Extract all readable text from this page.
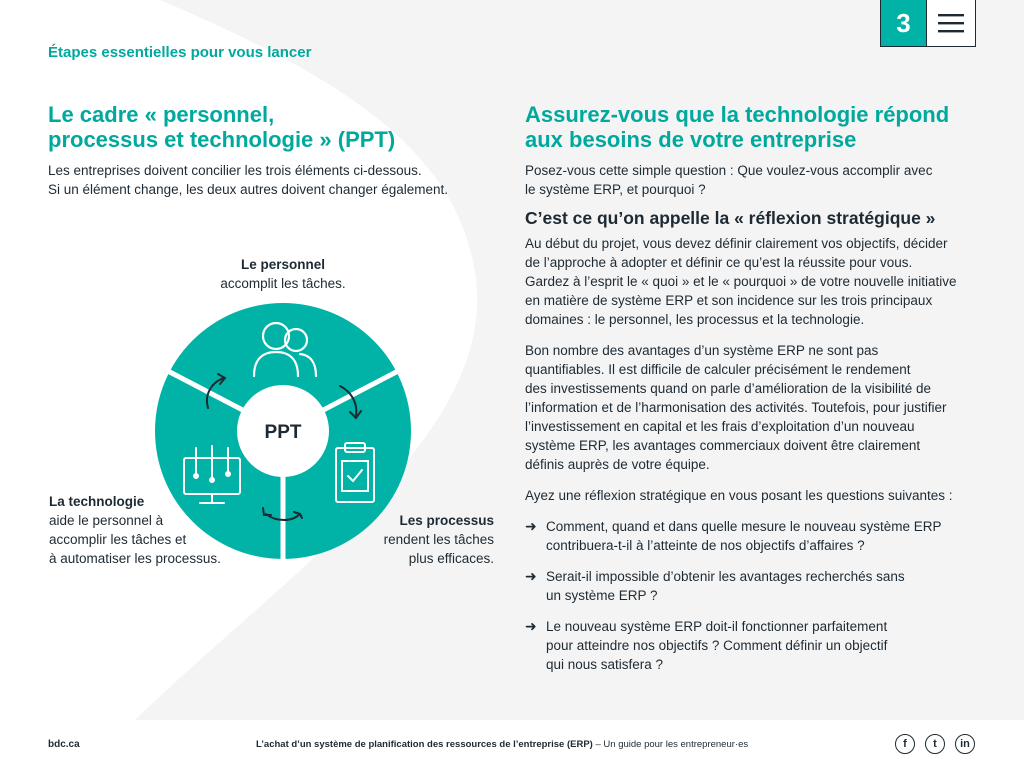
3
Étapes essentielles pour vous lancer
Le cadre « personnel,
processus et technologie » (PPT)
Les entreprises doivent concilier les trois éléments ci-dessous.
Si un élément change, les deux autres doivent changer également.
Le personnel
accomplit les tâches.
La technologie
aide le personnel à
accomplir les tâches et
à automatiser les processus.
Les processus
rendent les tâches
plus efficaces.
PPT
Assurez-vous que la technologie répond
aux besoins de votre entreprise
Posez-vous cette simple question : Que voulez-vous accomplir avec
le système ERP, et pourquoi ?
C’est ce qu’on appelle la « réflexion stratégique »
Au début du projet, vous devez définir clairement vos objectifs, décider
de l’approche à adopter et définir ce qu’est la réussite pour vous.
Gardez à l’esprit le « quoi » et le « pourquoi » de votre nouvelle initiative
en matière de système ERP et son incidence sur les trois principaux
domaines : le personnel, les processus et la technologie.
Bon nombre des avantages d’un système ERP ne sont pas
quantifiables. Il est difficile de calculer précisément le rendement
des investissements quand on parle d’amélioration de la visibilité de
l’information et de l’harmonisation des activités. Toutefois, pour justifier
l’investissement en capital et les frais d’exploitation d’un nouveau
système ERP, les avantages commerciaux doivent être clairement
définis auprès de votre équipe.
Ayez une réflexion stratégique en vous posant les questions suivantes :
➜ Comment, quand et dans quelle mesure le nouveau système ERP
contribuera-t-il à l’atteinte de nos objectifs d’affaires ?
➜ Serait-il impossible d’obtenir les avantages recherchés sans
un système ERP ?
➜ Le nouveau système ERP doit-il fonctionner parfaitement
pour atteindre nos objectifs ? Comment définir un objectif
qui nous satisfera ?
bdc.ca	L’achat d’un système de planification des ressources de l’entreprise (ERP) – Un guide pour les entrepreneur·es	f	t	in
